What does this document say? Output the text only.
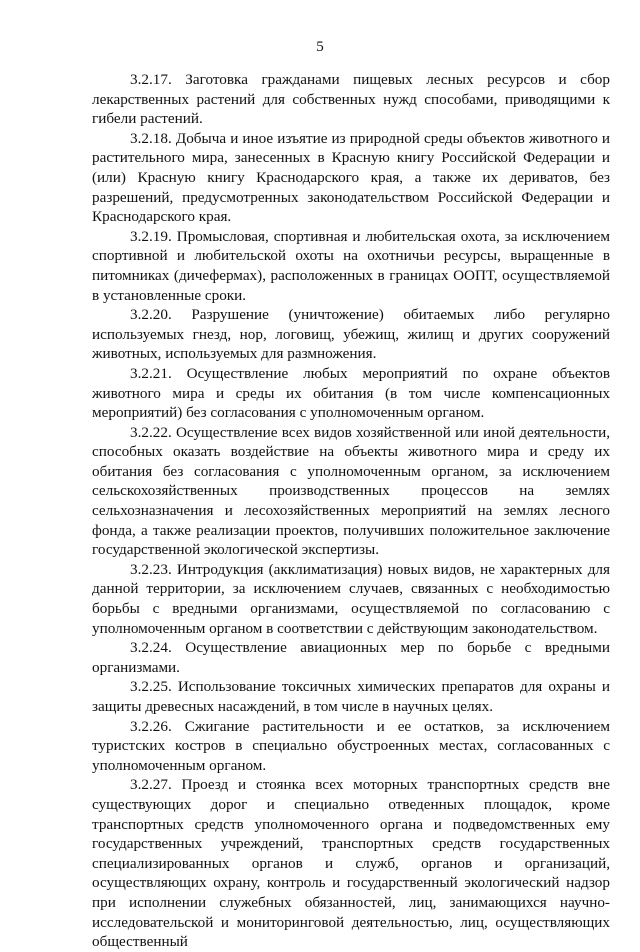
5

3.2.17. Заготовка гражданами пищевых лесных ресурсов и сбор лекарственных растений для собственных нужд способами, приводящими к гибели растений.

3.2.18. Добыча и иное изъятие из природной среды объектов животного и растительного мира, занесенных в Красную книгу Российской Федерации и (или) Красную книгу Краснодарского края, а также их дериватов, без разрешений, предусмотренных законодательством Российской Федерации и Краснодарского края.

3.2.19. Промысловая, спортивная и любительская охота, за исключением спортивной и любительской охоты на охотничьи ресурсы, выращенные в питомниках (дичефермах), расположенных в границах ООПТ, осуществляемой в установленные сроки.

3.2.20. Разрушение (уничтожение) обитаемых либо регулярно используемых гнезд, нор, логовищ, убежищ, жилищ и других сооружений животных, используемых для размножения.

3.2.21. Осуществление любых мероприятий по охране объектов животного мира и среды их обитания (в том числе компенсационных мероприятий) без согласования с уполномоченным органом.

3.2.22. Осуществление всех видов хозяйственной или иной деятельности, способных оказать воздействие на объекты животного мира и среду их обитания без согласования с уполномоченным органом, за исключением сельскохозяйственных производственных процессов на землях сельхозназначения и лесохозяйственных мероприятий на землях лесного фонда, а также реализации проектов, получивших положительное заключение государственной экологической экспертизы.

3.2.23. Интродукция (акклиматизация) новых видов, не характерных для данной территории, за исключением случаев, связанных с необходимостью борьбы с вредными организмами, осуществляемой по согласованию с уполномоченным органом в соответствии с действующим законодательством.

3.2.24. Осуществление авиационных мер по борьбе с вредными организмами.

3.2.25. Использование токсичных химических препаратов для охраны и защиты древесных насаждений, в том числе в научных целях.

3.2.26. Сжигание растительности и ее остатков, за исключением туристских костров в специально обустроенных местах, согласованных с уполномоченным органом.

3.2.27. Проезд и стоянка всех моторных транспортных средств вне существующих дорог и специально отведенных площадок, кроме транспортных средств уполномоченного органа и подведомственных ему государственных учреждений, транспортных средств государственных специализированных органов и служб, органов и организаций, осуществляющих охрану, контроль и государственный экологический надзор при исполнении служебных обязанностей, лиц, занимающихся научно-исследовательской и мониторинговой деятельностью, лиц, осуществляющих общественный
